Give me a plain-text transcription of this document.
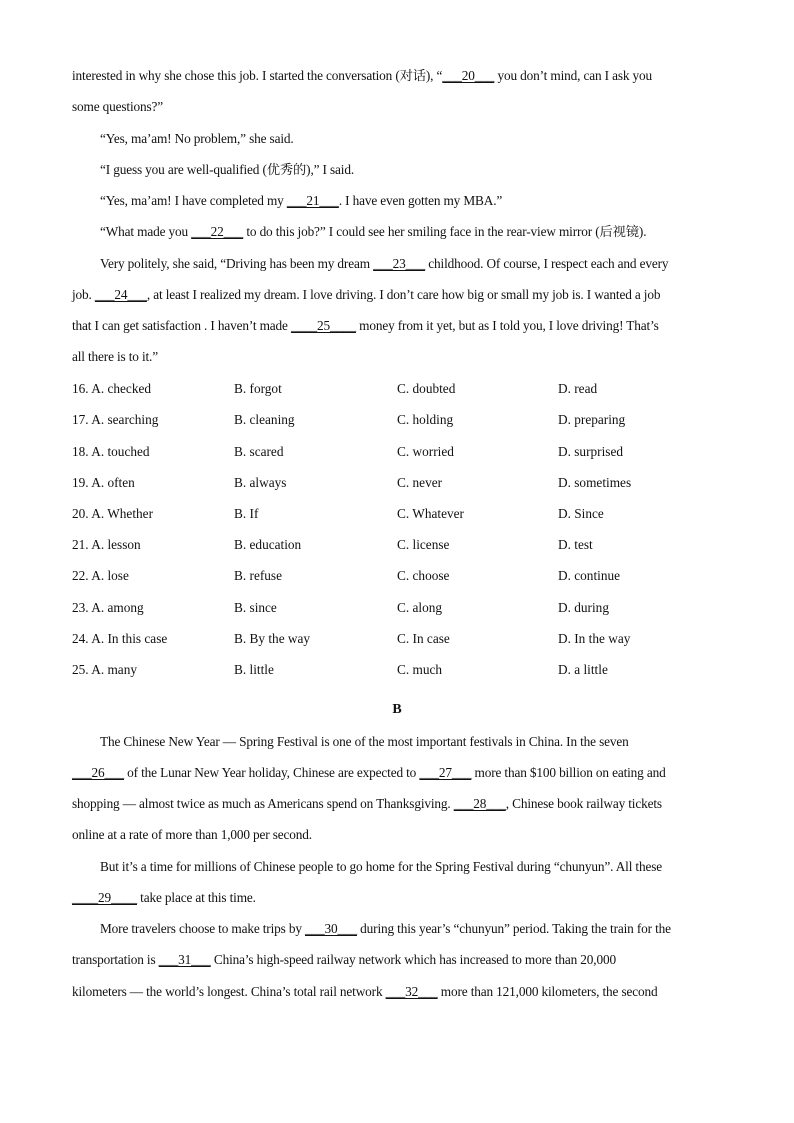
interested in why she chose this job. I started the conversation (对话), “___20___ you don’t mind, can I ask you
some questions?”
“Yes, ma’am! No problem,” she said.
“I guess you are well-qualified (优秀的),” I said.
“Yes, ma’am! I have completed my ___21___. I have even gotten my MBA.”
“What made you ___22___ to do this job?” I could see her smiling face in the rear-view mirror (后视镜).
Very politely, she said, “Driving has been my dream ___23___ childhood. Of course, I respect each and every
job. ___24___, at least I realized my dream. I love driving. I don’t care how big or small my job is. I wanted a job
that I can get satisfaction . I haven’t made ____25____ money from it yet, but as I told you, I love driving! That’s
all there is to it.”
16. A. checked	B. forgot	C. doubted	D. read
17. A. searching	B. cleaning	C. holding	D. preparing
18. A. touched	B. scared	C. worried	D. surprised
19. A. often	B. always	C. never	D. sometimes
20. A. Whether	B. If	C. Whatever	D. Since
21. A. lesson	B. education	C. license	D. test
22. A. lose	B. refuse	C. choose	D. continue
23. A. among	B. since	C. along	D. during
24. A. In this case	B. By the way	C. In case	D. In the way
25. A. many	B. little	C. much	D. a little
B
The Chinese New Year — Spring Festival is one of the most important festivals in China. In the seven
___26___ of the Lunar New Year holiday, Chinese are expected to ___27___ more than $100 billion on eating and
shopping — almost twice as much as Americans spend on Thanksgiving. ___28___, Chinese book railway tickets
online at a rate of more than 1,000 per second.
But it’s a time for millions of Chinese people to go home for the Spring Festival during “chunyun”. All these
____29____ take place at this time.
More travelers choose to make trips by ___30___ during this year’s “chunyun” period. Taking the train for the
transportation is ___31___ China’s high-speed railway network which has increased to more than 20,000
kilometers — the world’s longest. China’s total rail network ___32___ more than 121,000 kilometers, the second
